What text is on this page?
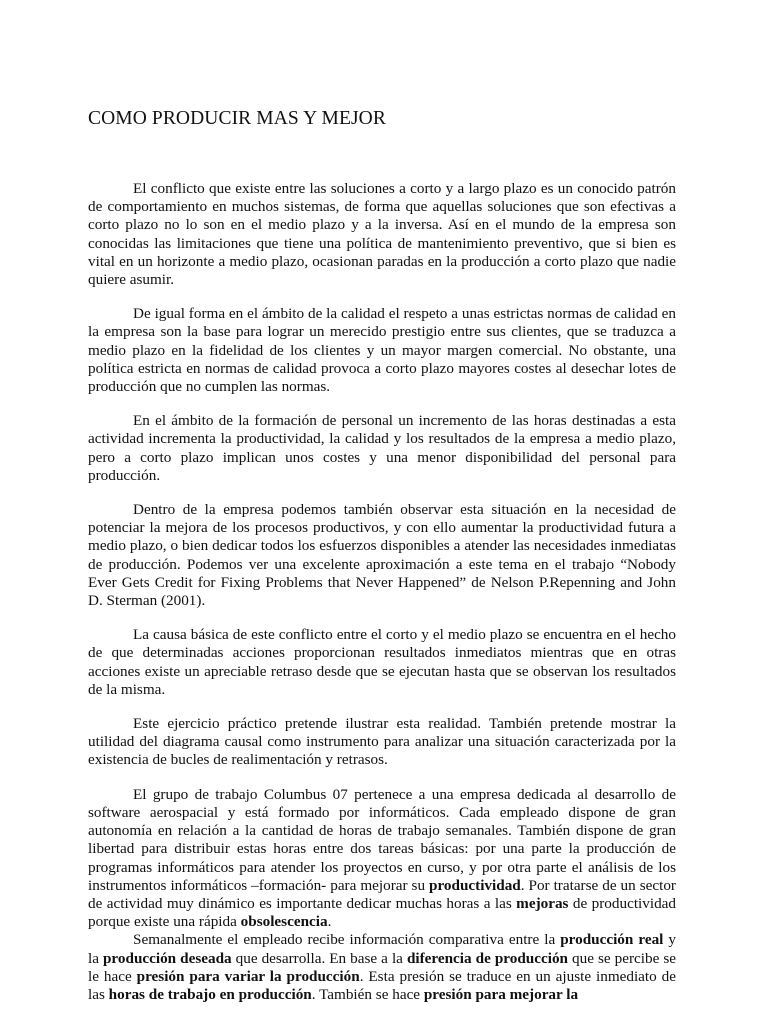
COMO PRODUCIR MAS Y MEJOR

El conflicto que existe entre las soluciones a corto y a largo plazo es un conocido patrón de comportamiento en muchos sistemas, de forma que aquellas soluciones que son efectivas a corto plazo no lo son en el medio plazo y a la inversa. Así en el mundo de la empresa son conocidas las limitaciones que tiene una política de mantenimiento preventivo, que si bien es vital en un horizonte a medio plazo, ocasionan paradas en la producción a corto plazo que nadie quiere asumir.

De igual forma en el ámbito de la calidad el respeto a unas estrictas normas de calidad en la empresa son la base para lograr un merecido prestigio entre sus clientes, que se traduzca a medio plazo en la fidelidad de los clientes y un mayor margen comercial. No obstante, una política estricta en normas de calidad provoca a corto plazo mayores costes al desechar lotes de producción que no cumplen las normas.

En el ámbito de la formación de personal un incremento de las horas destinadas a esta actividad incrementa la productividad, la calidad y los resultados de la empresa a medio plazo, pero a corto plazo implican unos costes y una menor disponibilidad del personal para producción.

Dentro de la empresa podemos también observar esta situación en la necesidad de potenciar la mejora de los procesos productivos, y con ello aumentar la productividad futura a medio plazo, o bien dedicar todos los esfuerzos disponibles a atender las necesidades inmediatas de producción. Podemos ver una excelente aproximación a este tema en el trabajo “Nobody Ever Gets Credit for Fixing Problems that Never Happened” de Nelson P.Repenning and John D. Sterman (2001).

La causa básica de este conflicto entre el corto y el medio plazo se encuentra en el hecho de que determinadas acciones proporcionan resultados inmediatos mientras que en otras acciones existe un apreciable retraso desde que se ejecutan hasta que se observan los resultados de la misma.

Este ejercicio práctico pretende ilustrar esta realidad. También pretende mostrar la utilidad del diagrama causal como instrumento para analizar una situación caracterizada por la existencia de bucles de realimentación y retrasos.

El grupo de trabajo Columbus 07 pertenece a una empresa dedicada al desarrollo de software aerospacial y está formado por informáticos. Cada empleado dispone de gran autonomía en relación a la cantidad de horas de trabajo semanales. También dispone de gran libertad para distribuir estas horas entre dos tareas básicas: por una parte la producción de programas informáticos para atender los proyectos en curso, y por otra parte el análisis de los instrumentos informáticos –formación- para mejorar su productividad. Por tratarse de un sector de actividad muy dinámico es importante dedicar muchas horas a las mejoras de productividad porque existe una rápida obsolescencia.

Semanalmente el empleado recibe información comparativa entre la producción real y la producción deseada que desarrolla. En base a la diferencia de producción que se percibe se le hace presión para variar la producción. Esta presión se traduce en un ajuste inmediato de las horas de trabajo en producción. También se hace presión para mejorar la
